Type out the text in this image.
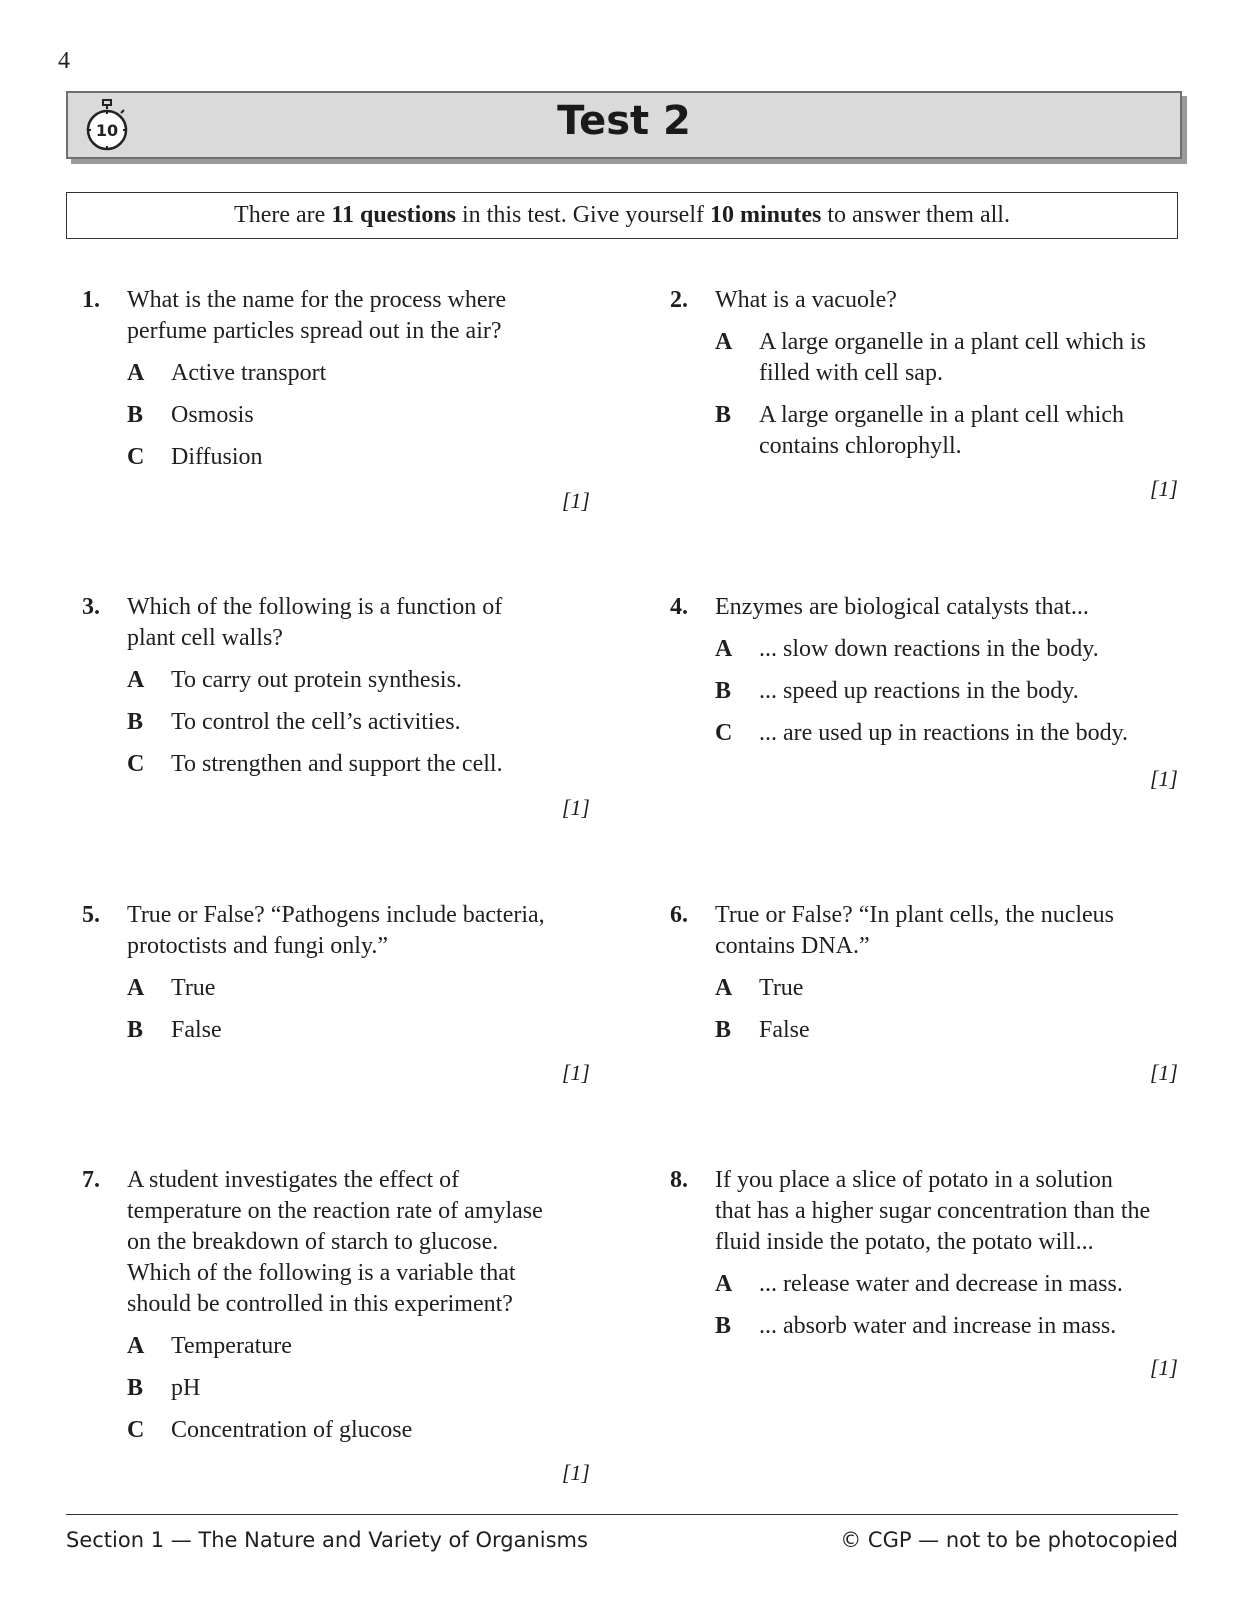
4
10	Test 2
There are 11 questions in this test. Give yourself 10 minutes to answer them all.
1. What is the name for the process where
perfume particles spread out in the air?
A Active transport
B Osmosis
C Diffusion
[1]
2. What is a vacuole?
A A large organelle in a plant cell which is
filled with cell sap.
B A large organelle in a plant cell which
contains chlorophyll.
[1]
3. Which of the following is a function of
plant cell walls?
A To carry out protein synthesis.
B To control the cell’s activities.
C To strengthen and support the cell.
[1]
4. Enzymes are biological catalysts that...
A ... slow down reactions in the body.
B ... speed up reactions in the body.
C ... are used up in reactions in the body.
[1]
5. True or False? “Pathogens include bacteria,
protoctists and fungi only.”
A True
B False
[1]
6. True or False? “In plant cells, the nucleus
contains DNA.”
A True
B False
[1]
7. A student investigates the effect of
temperature on the reaction rate of amylase
on the breakdown of starch to glucose.
Which of the following is a variable that
should be controlled in this experiment?
A Temperature
B pH
C Concentration of glucose
[1]
8. If you place a slice of potato in a solution
that has a higher sugar concentration than the
fluid inside the potato, the potato will...
A ... release water and decrease in mass.
B ... absorb water and increase in mass.
[1]
Section 1 — The Nature and Variety of Organisms	© CGP — not to be photocopied
